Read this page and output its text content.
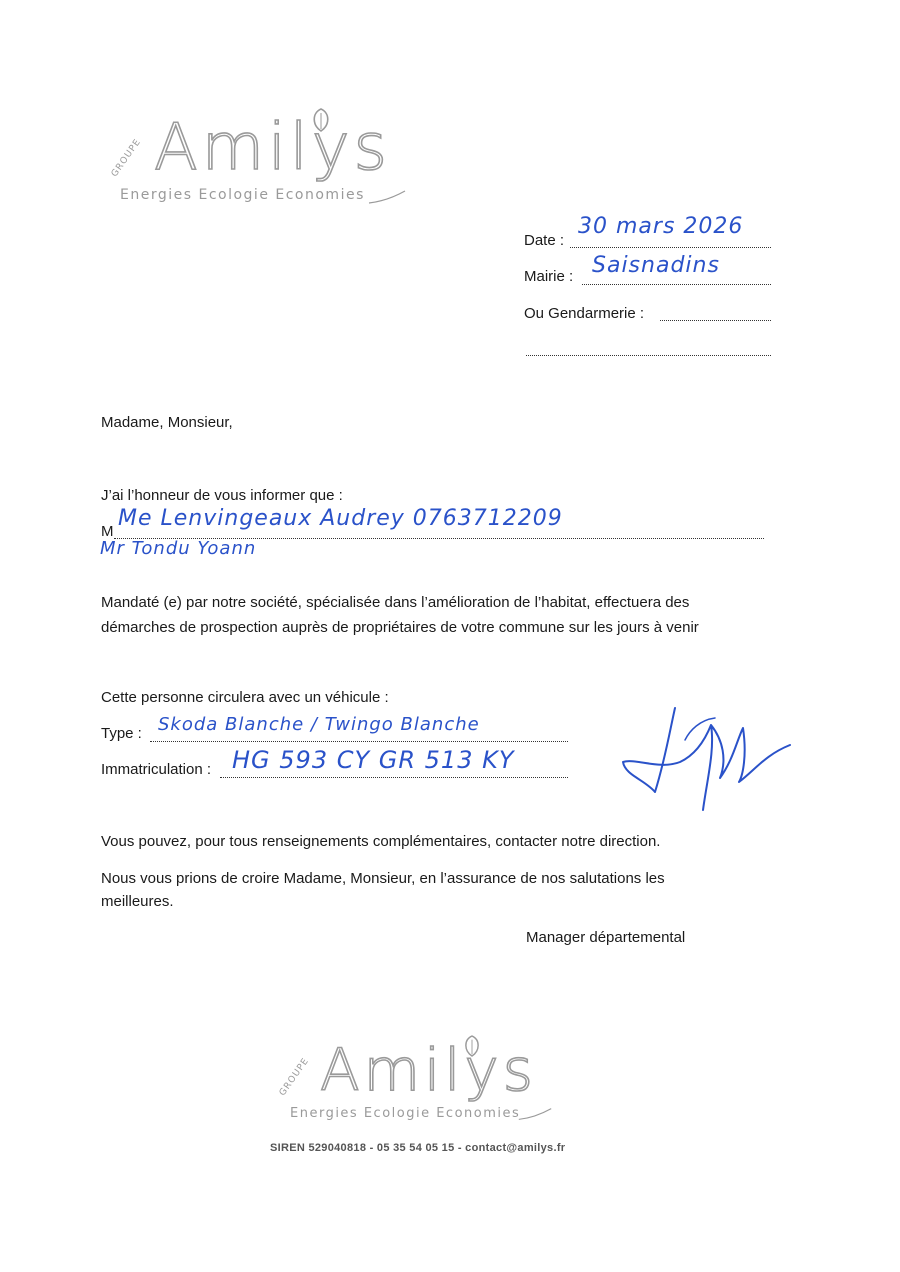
GROUPE Amilys
Energies Ecologie Economies
Date :
30 mars 2026
Mairie : Saisnadins
Ou Gendarmerie :
Madame, Monsieur,
J’ai l’honneur de vous informer que :
M
Me Lenvingeaux Audrey 0763712209
Mr Tondu Yoann
Mandaté (e) par notre société, spécialisée dans l’amélioration de l’habitat, effectuera des
démarches de prospection auprès de propriétaires de votre commune sur les jours à venir
Cette personne circulera avec un véhicule :
Type : Skoda Blanche / Twingo Blanche
Immatriculation : HG 593 CY GR 513 KY
Vous pouvez, pour tous renseignements complémentaires, contacter notre direction.
Nous vous prions de croire Madame, Monsieur, en l’assurance de nos salutations les
meilleures.
Manager départemental
GROUPE Amilys
Energies Ecologie Economies
SIREN 529040818 - 05 35 54 05 15 - contact@amilys.fr
